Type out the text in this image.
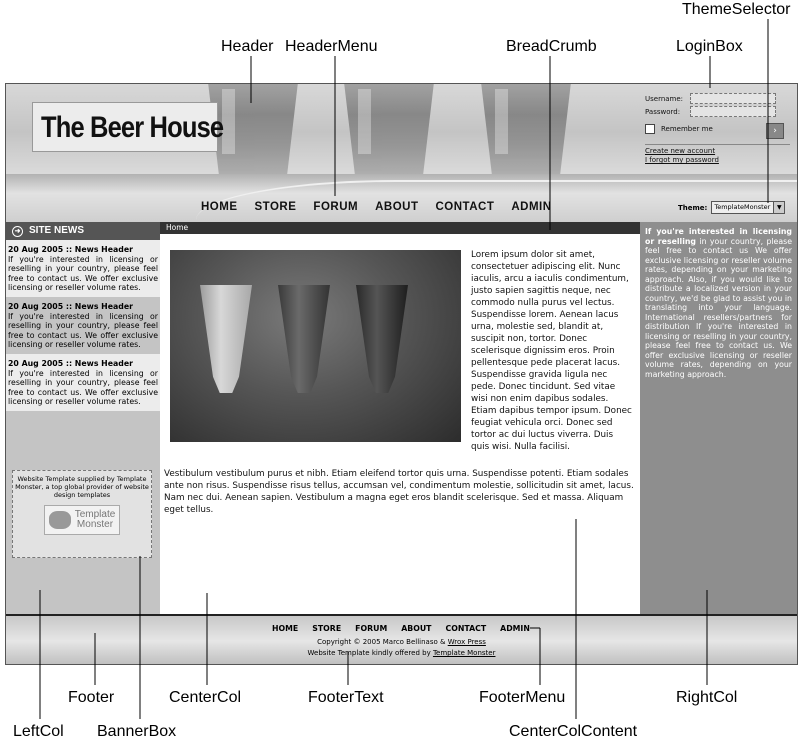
Header HeaderMenu	BreadCrumb	LoginBox
ThemeSelector
Footer	CenterCol	FooterText	FooterMenu	RightCol
LeftCol BannerBox	CenterColContent
The Beer House
HOME STORE FORUM ABOUT CONTACT ADMIN
Username:
Password:
Remember me	›
Create new account
I forgot my password
Theme:	TemplateMonster	▼
➜ SITE NEWS
20 Aug 2005 :: News Header
If you're interested in licensing or reselling in your country, please feel free to contact us. We offer exclusive licensing or reseller volume rates.
20 Aug 2005 :: News Header
If you're interested in licensing or reselling in your country, please feel free to contact us. We offer exclusive licensing or reseller volume rates.
20 Aug 2005 :: News Header
If you're interested in licensing or reselling in your country, please feel free to contact us. We offer exclusive licensing or reseller volume rates.
Website Template supplied by Template Monster, a top global provider of website design templates
Template
Monster
Home

Lorem ipsum dolor sit amet, consectetuer adipiscing elit. Nunc iaculis, arcu a iaculis condimentum, justo sapien sagittis neque, nec commodo nulla purus vel lectus. Suspendisse lorem. Aenean lacus urna, molestie sed, blandit at, suscipit non, tortor. Donec scelerisque dignissim eros. Proin pellentesque pede placerat lacus. Suspendisse gravida ligula nec pede. Donec tincidunt. Sed vitae wisi non enim dapibus sodales. Etiam dapibus tempor ipsum. Donec feugiat vehicula orci. Donec sed tortor ac dui luctus viverra. Duis quis wisi. Nulla facilisi.

Vestibulum vestibulum purus et nibh. Etiam eleifend tortor quis urna. Suspendisse potenti. Etiam sodales ante non risus. Suspendisse risus tellus, accumsan vel, condimentum molestie, sollicitudin sit amet, lacus. Nam nec dui. Aenean sapien. Vestibulum a magna eget eros blandit scelerisque. Sed et massa. Aliquam eget tellus.

If you're interested in licensing or reselling in your country, please feel free to contact us We offer exclusive licensing or reseller volume rates, depending on your marketing approach. Also, if you would like to distribute a localized version in your country, we'd be glad to assist you in translating into your language. International resellers/partners for distribution If you're interested in licensing or reselling in your country, please feel free to contact us. We offer exclusive licensing or reseller volume rates, depending on your marketing approach.
HOME STORE FORUM ABOUT CONTACT ADMIN
Copyright © 2005 Marco Bellinaso & Wrox Press
Website Template kindly offered by Template Monster
